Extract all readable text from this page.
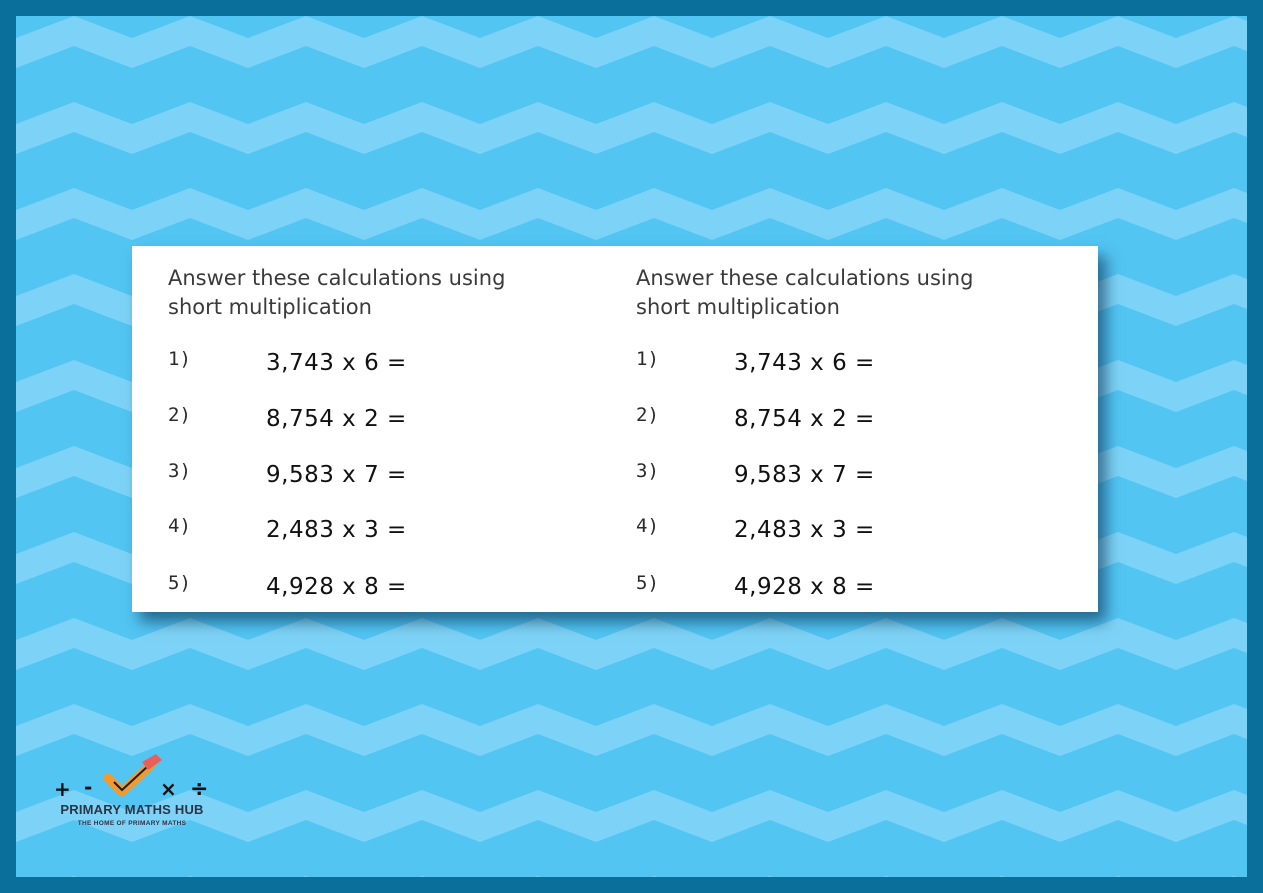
Answer these calculations using
short multiplication

1)	3,743 x 6 =
2)	8,754 x 2 =
3)	9,583 x 7 =
4)	2,483 x 3 =
5)	4,928 x 8 =

Answer these calculations using
short multiplication

1)	3,743 x 6 =
2)	8,754 x 2 =
3)	9,583 x 7 =
4)	2,483 x 3 =
5)	4,928 x 8 =
+ -	× ÷
PRIMARY MATHS HUB
THE HOME OF PRIMARY MATHS
